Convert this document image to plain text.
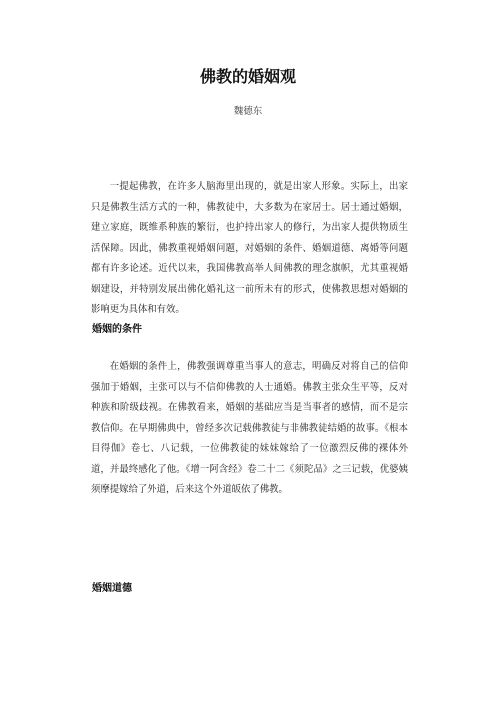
佛教的婚姻观
魏德东

一提起佛教，在许多人脑海里出现的，就是出家人形象。实际上，出家只是佛教生活方式的一种，佛教徒中，大多数为在家居士。居士通过婚姻，建立家庭，既维系种族的繁衍，也护持出家人的修行，为出家人提供物质生活保障。因此，佛教重视婚姻问题，对婚姻的条件、婚姻道德、离婚等问题都有许多论述。近代以来，我国佛教高举人间佛教的理念旗帜，尤其重视婚姻建设，并特别发展出佛化婚礼这一前所未有的形式，使佛教思想对婚姻的影响更为具体和有效。

婚姻的条件

在婚姻的条件上，佛教强调尊重当事人的意志，明确反对将自己的信仰强加于婚姻，主张可以与不信仰佛教的人士通婚。佛教主张众生平等，反对种族和阶级歧视。在佛教看来，婚姻的基础应当是当事者的感情，而不是宗教信仰。在早期佛典中，曾经多次记载佛教徒与非佛教徒结婚的故事。《根本目得伽》卷七、八记载，一位佛教徒的妹妹嫁给了一位激烈反佛的裸体外道，并最终感化了他。《增一阿含经》卷二十二《须陀品》之三记载，优婆姨须摩提嫁给了外道，后来这个外道皈依了佛教。

婚姻道德
